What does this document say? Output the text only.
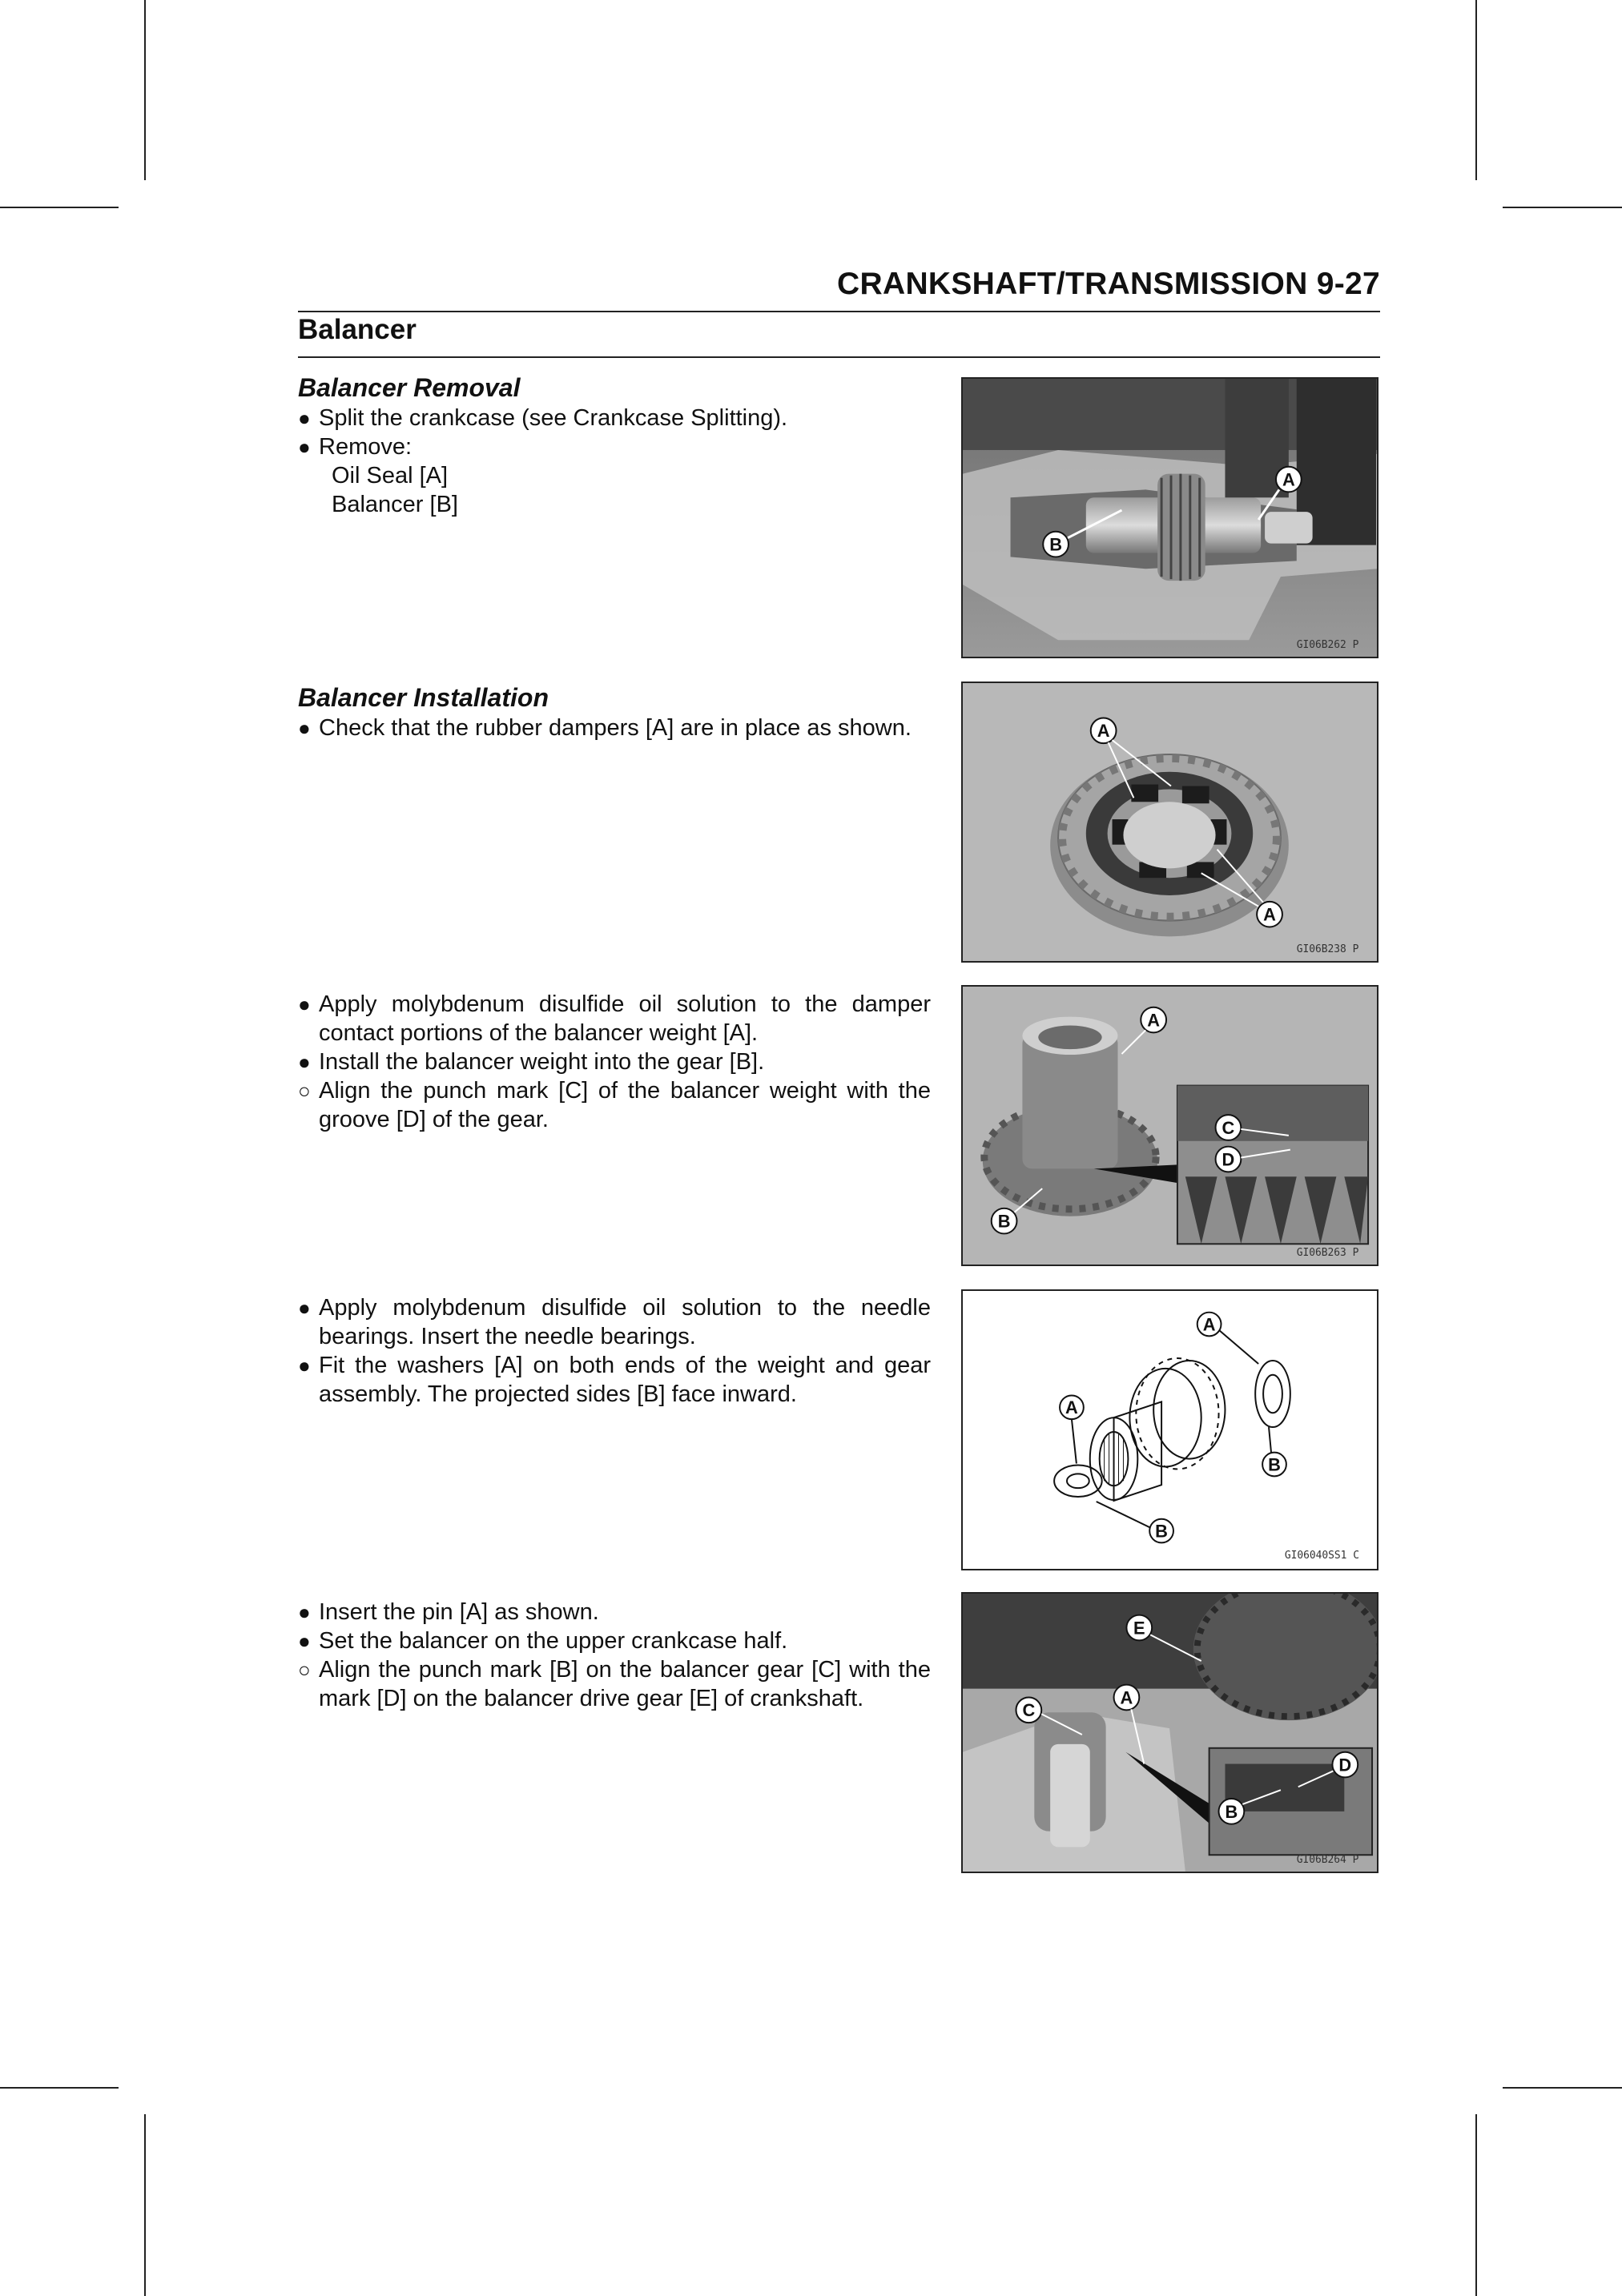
CRANKSHAFT/TRANSMISSION 9-27
Balancer
Balancer Removal
● Split the crankcase (see Crankcase Splitting).
● Remove:
Oil Seal [A]
Balancer [B]
Balancer Installation
● Check that the rubber dampers [A] are in place as shown.
● Apply molybdenum disulfide oil solution to the damper contact portions of the balancer weight [A].
● Install the balancer weight into the gear [B].
○ Align the punch mark [C] of the balancer weight with the groove [D] of the gear.
● Apply molybdenum disulfide oil solution to the needle bearings. Insert the needle bearings.
● Fit the washers [A] on both ends of the weight and gear assembly. The projected sides [B] face inward.
● Insert the pin [A] as shown.
● Set the balancer on the upper crankcase half.
○ Align the punch mark [B] on the balancer gear [C] with the mark [D] on the balancer drive gear [E] of crankshaft.
A
B
GI06B262 P
A
A
GI06B238 P
A
B
C
D
GI06B263 P
A
A
B
B
GI06040SS1 C
E
C
A
B
D
GI06B264 P
